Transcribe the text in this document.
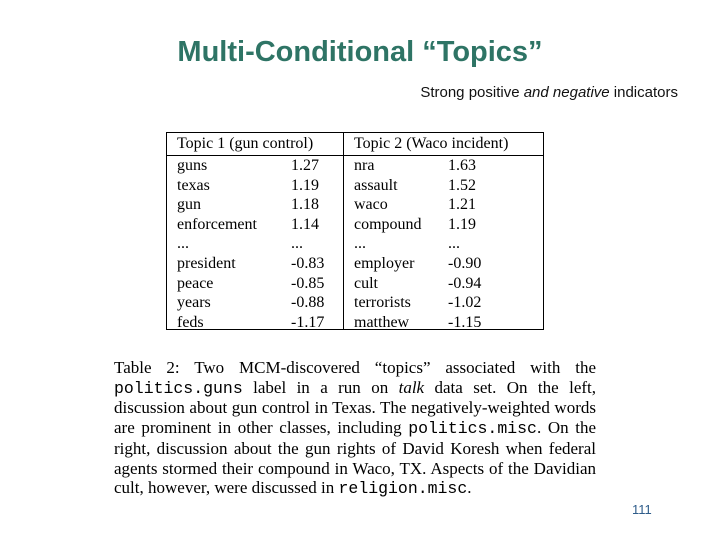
Multi-Conditional “Topics”
Strong positive and negative indicators
Topic 1 (gun control)
guns	1.27
texas	1.19
gun	1.18
enforcement 1.14
...	...
president	-0.83
peace	-0.85
years	-0.88
feds	-1.17
Topic 2 (Waco incident)
nra	1.63
assault	1.52
waco	1.21
compound 1.19
...	...
employer -0.90
cult	-0.94
terrorists -1.02
matthew -1.15
Table 2: Two MCM-discovered “topics” associated with the politics.guns label in a run on talk data set. On the left, discussion about gun control in Texas. The negatively-weighted words are prominent in other classes, including politics.misc. On the right, discussion about the gun rights of David Koresh when federal agents stormed their compound in Waco, TX. Aspects of the Davidian cult, however, were discussed in religion.misc.
111
